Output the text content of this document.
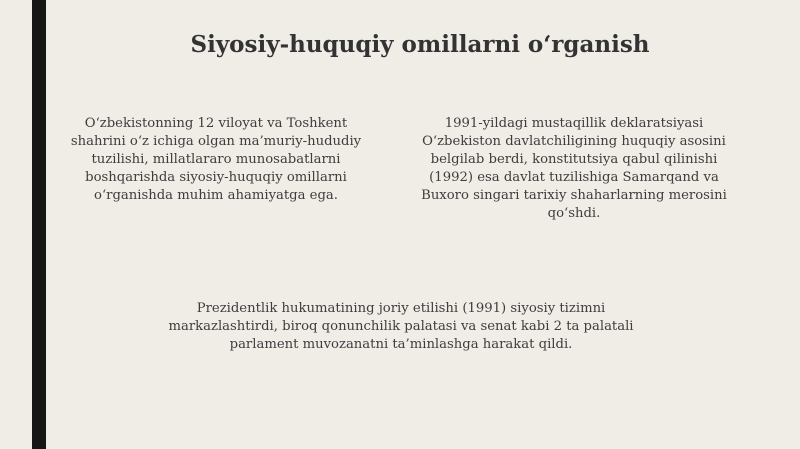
Siyosiy-huquqiy omillarni o‘rganish
O‘zbekistonning 12 viloyat va Toshkent
shahrini o‘z ichiga olgan ma’muriy-hududiy
tuzilishi, millatlararo munosabatlarni
boshqarishda siyosiy-huquqiy omillarni
o‘rganishda muhim ahamiyatga ega.
1991-yildagi mustaqillik deklaratsiyasi
O‘zbekiston davlatchiligining huquqiy asosini
belgilab berdi, konstitutsiya qabul qilinishi
(1992) esa davlat tuzilishiga Samarqand va
Buxoro singari tarixiy shaharlarning merosini
qo‘shdi.
Prezidentlik hukumatining joriy etilishi (1991) siyosiy tizimni
markazlashtirdi, biroq qonunchilik palatasi va senat kabi 2 ta palatali
parlament muvozanatni ta’minlashga harakat qildi.
